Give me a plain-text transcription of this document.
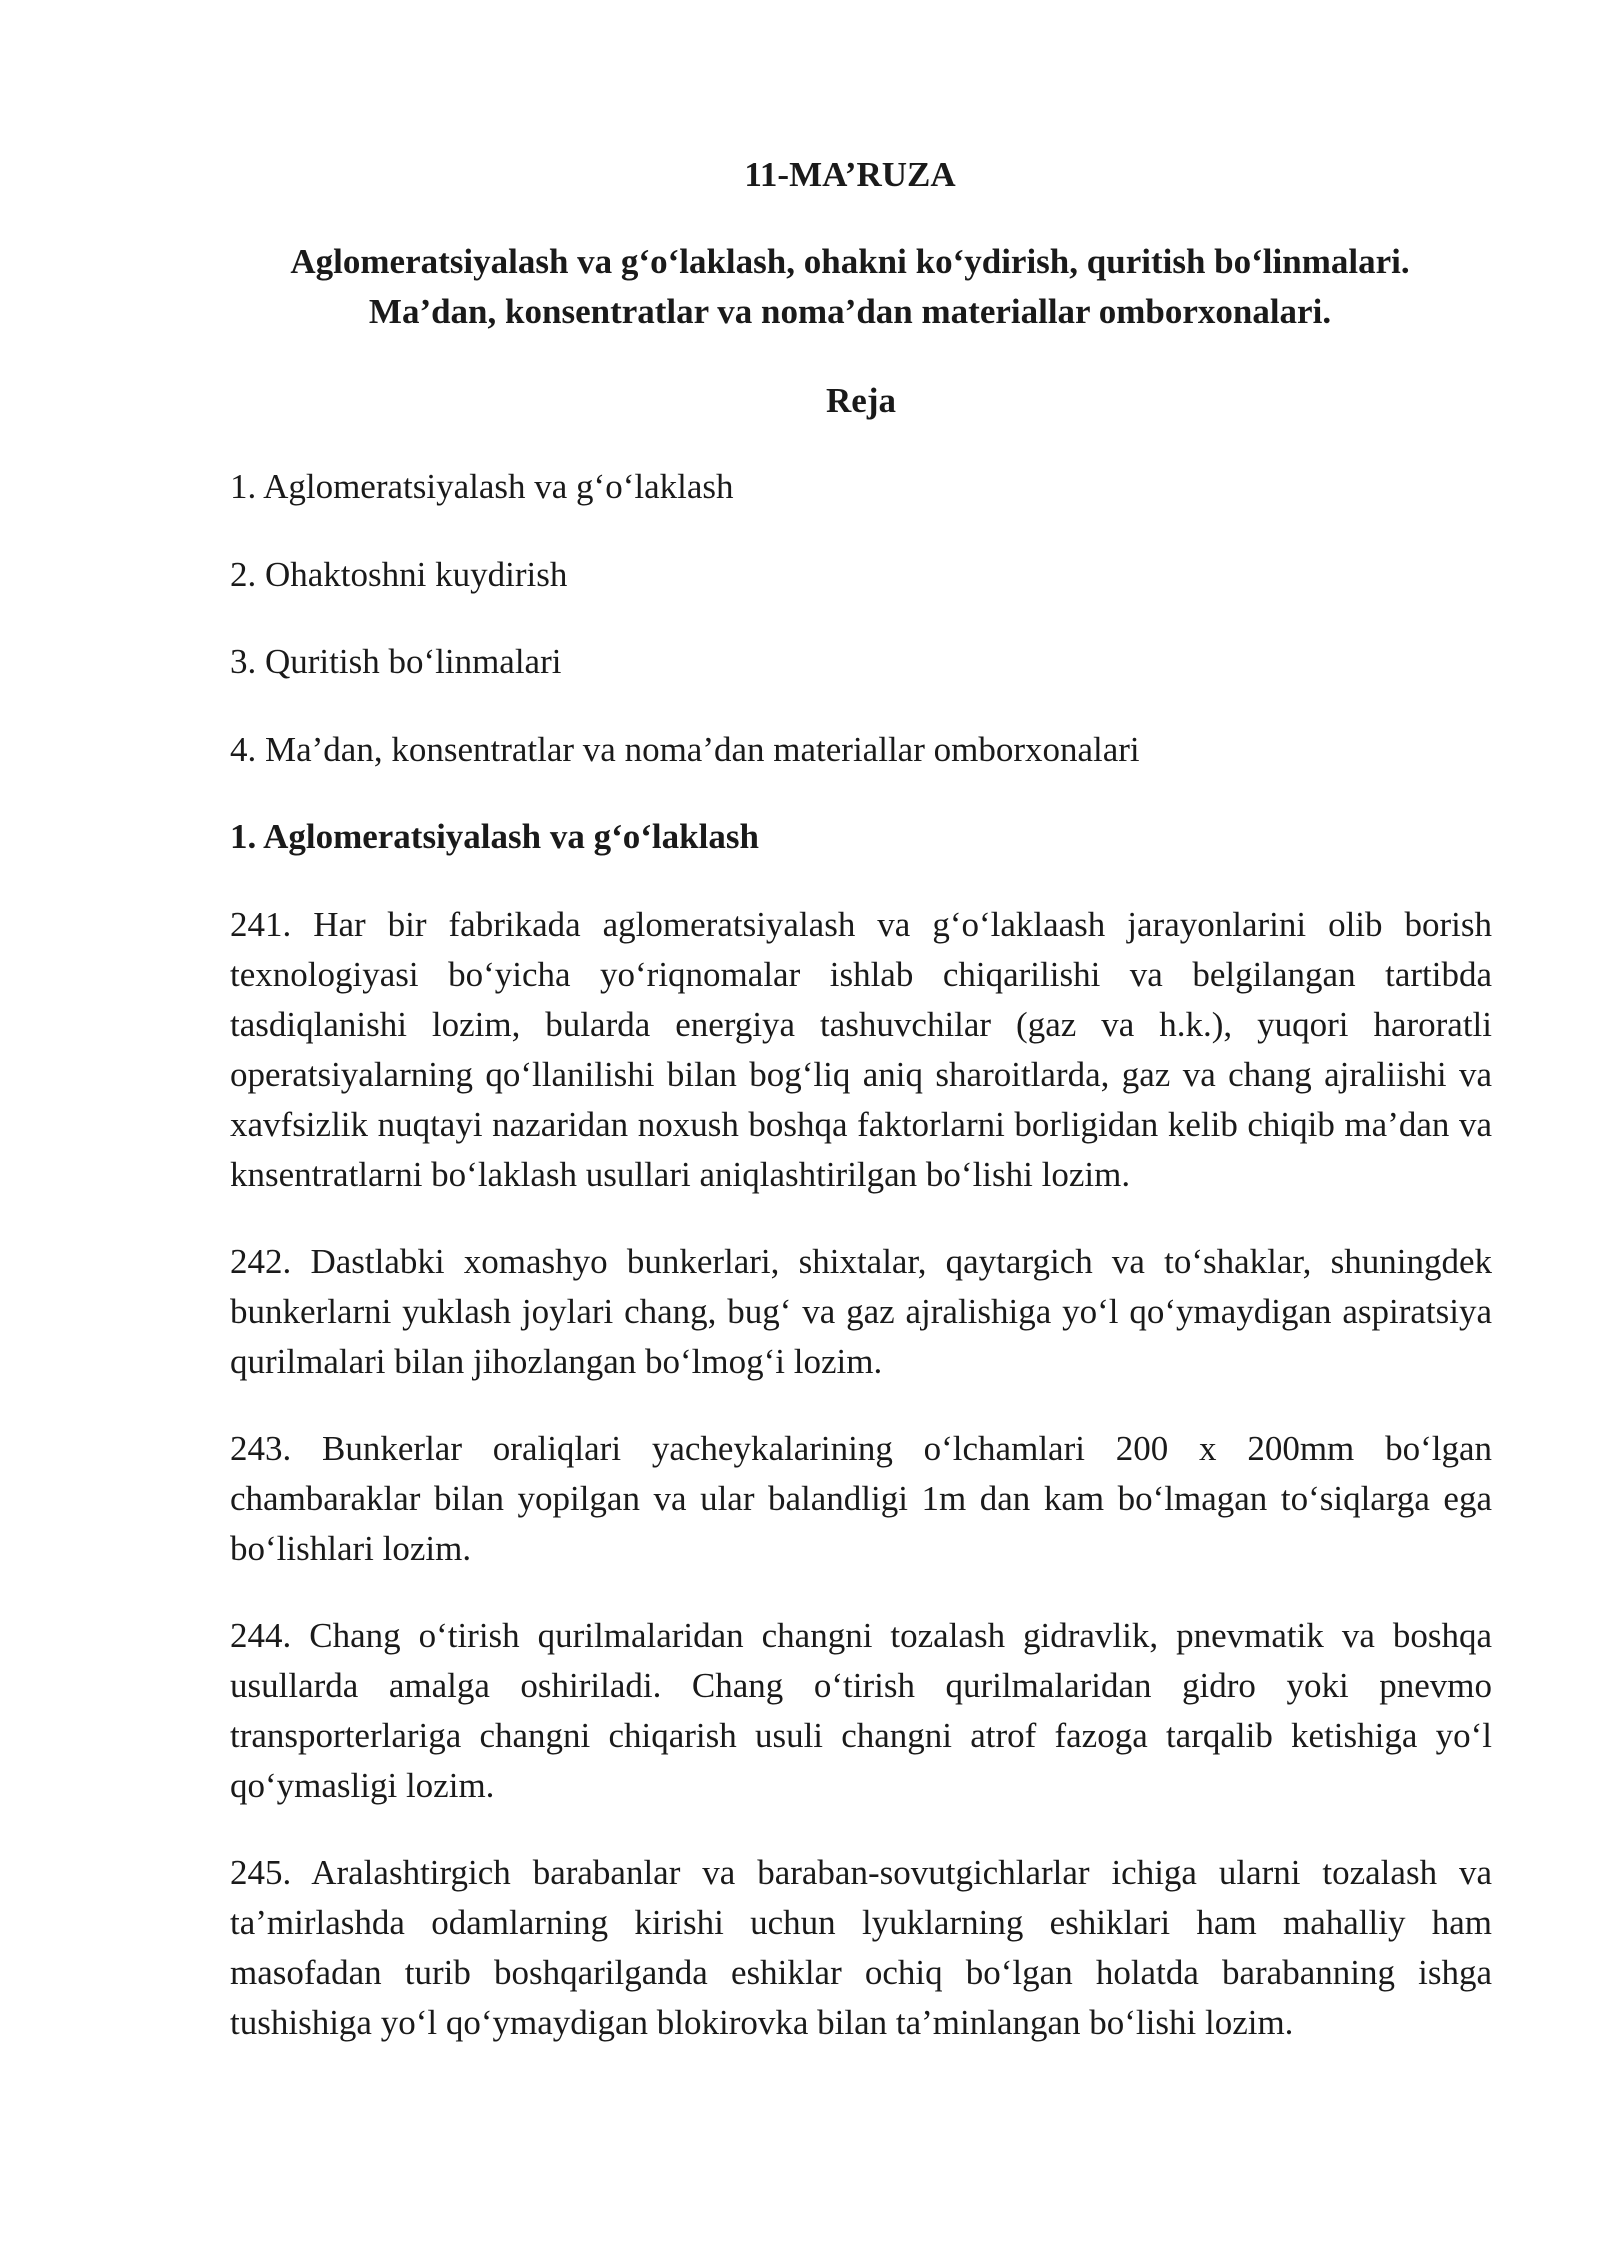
11-MA’RUZA
Aglomeratsiyalash va g‘o‘laklash, ohakni ko‘ydirish, quritish bo‘linmalari.
Ma’dan, konsentratlar va noma’dan materiallar omborxonalari.
Reja
1. Aglomeratsiyalash va g‘o‘laklash
2. Ohaktoshni kuydirish
3. Quritish bo‘linmalari
4. Ma’dan, konsentratlar va noma’dan materiallar omborxonalari
1. Aglomeratsiyalash va g‘o‘laklash

241. Har bir fabrikada aglomeratsiyalash va g‘o‘laklaash jarayonlarini olib borish texnologiyasi bo‘yicha yo‘riqnomalar ishlab chiqarilishi va belgilangan tartibda tasdiqlanishi lozim, bularda energiya tashuvchilar (gaz va h.k.), yuqori haroratli operatsiyalarning qo‘llanilishi bilan bog‘liq aniq sharoitlarda, gaz va chang ajraliishi va xavfsizlik nuqtayi nazaridan noxush boshqa faktorlarni borligidan kelib chiqib ma’dan va knsentratlarni bo‘laklash usullari aniqlashtirilgan bo‘lishi lozim.

242. Dastlabki xomashyo bunkerlari, shixtalar, qaytargich va to‘shaklar, shuningdek bunkerlarni yuklash joylari chang, bug‘ va gaz ajralishiga yo‘l qo‘ymaydigan aspiratsiya qurilmalari bilan jihozlangan bo‘lmog‘i lozim.

243. Bunkerlar oraliqlari yacheykalarining o‘lchamlari 200 x 200mm bo‘lgan chambaraklar bilan yopilgan va ular balandligi 1m dan kam bo‘lmagan to‘siqlarga ega bo‘lishlari lozim.

244. Chang o‘tirish qurilmalaridan changni tozalash gidravlik, pnevmatik va boshqa usullarda amalga oshiriladi. Chang o‘tirish qurilmalaridan gidro yoki pnevmo transporterlariga changni chiqarish usuli changni atrof fazoga tarqalib ketishiga yo‘l qo‘ymasligi lozim.

245. Aralashtirgich barabanlar va baraban-sovutgichlarlar ichiga ularni tozalash va ta’mirlashda odamlarning kirishi uchun lyuklarning eshiklari ham mahalliy ham masofadan turib boshqarilganda eshiklar ochiq bo‘lgan holatda barabanning ishga tushishiga yo‘l qo‘ymaydigan blokirovka bilan ta’minlangan bo‘lishi lozim.
